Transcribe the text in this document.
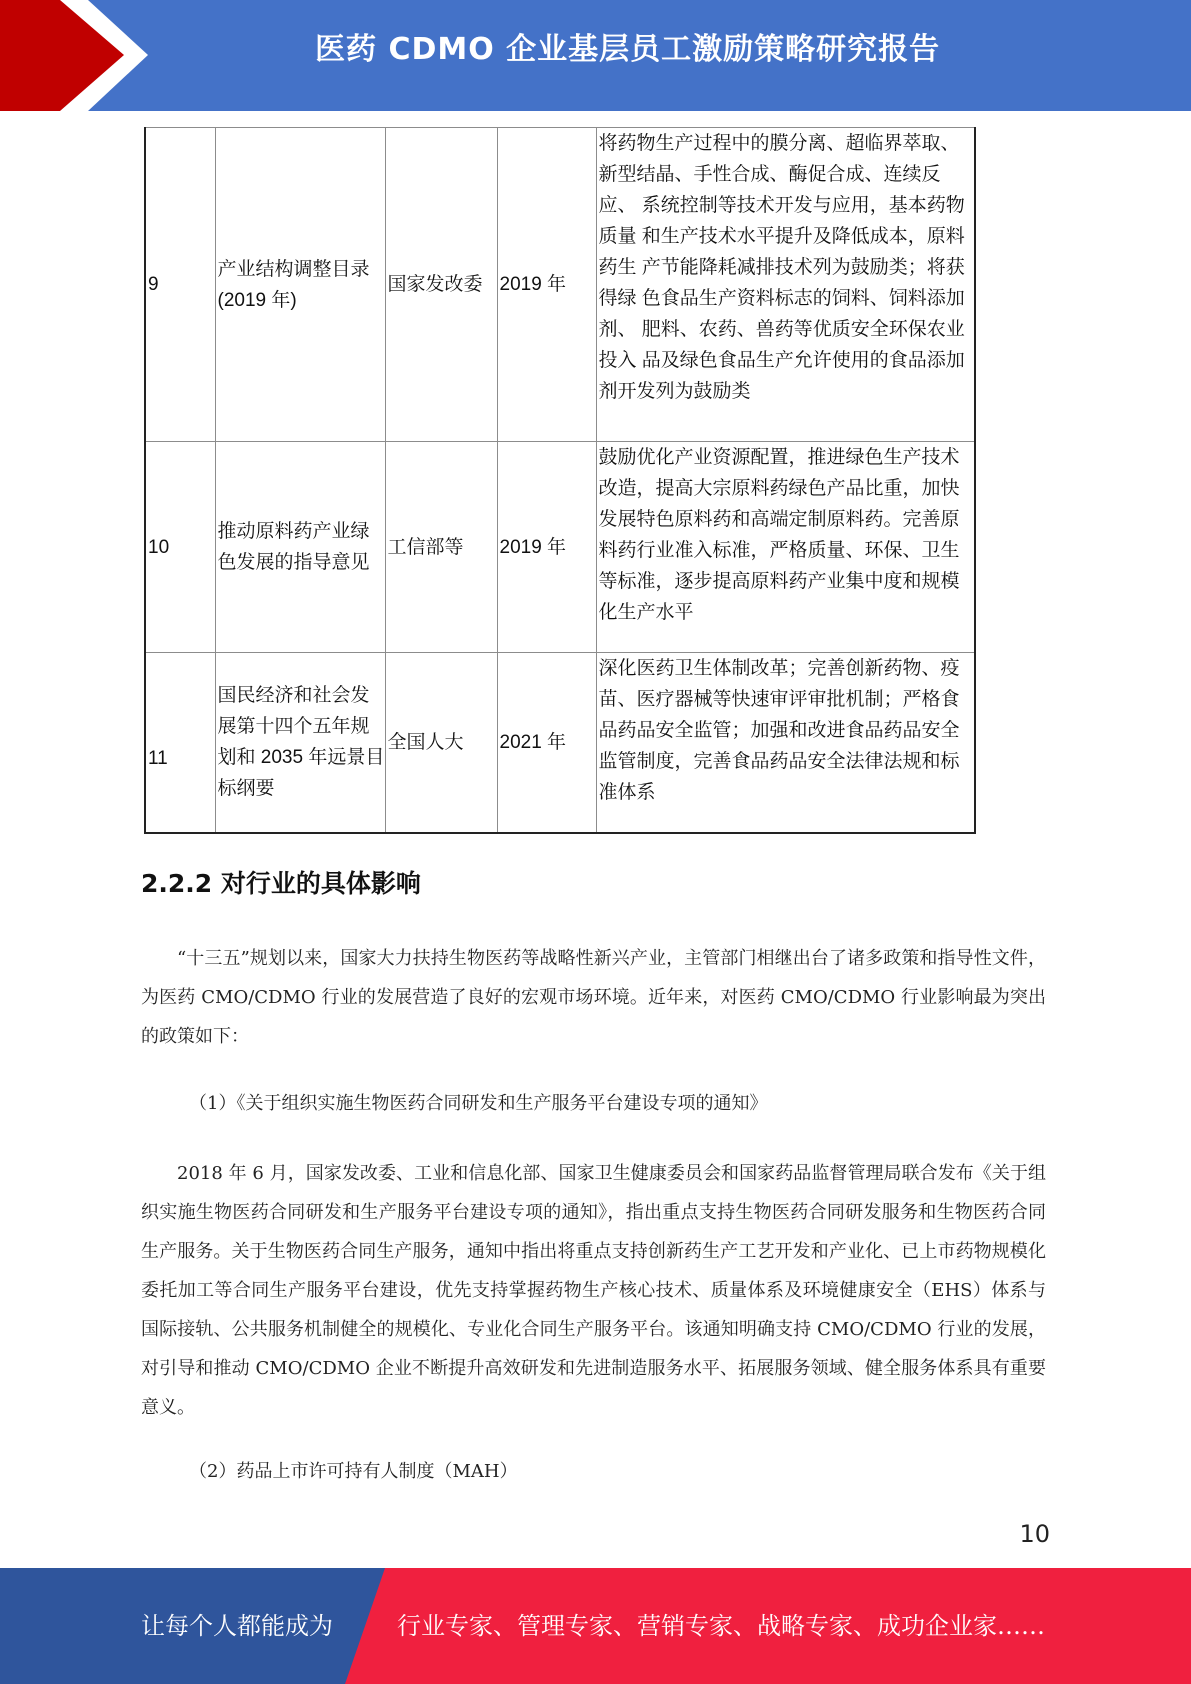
医药 CDMO 企业基层员工激励策略研究报告
9	产业结构调整目录(2019 年)	国家发改委	2019 年	将药物生产过程中的膜分离、超临界萃取、 新型结晶、手性合成、酶促合成、连续反应、 系统控制等技术开发与应用，基本药物质量 和生产技术水平提升及降低成本，原料药生 产节能降耗减排技术列为鼓励类；将获得绿 色食品生产资料标志的饲料、饲料添加剂、 肥料、农药、兽药等优质安全环保农业投入 品及绿色食品生产允许使用的食品添加剂开发列为鼓励类
10	推动原料药产业绿色发展的指导意见	工信部等	2019 年	鼓励优化产业资源配置，推进绿色生产技术 改造，提高大宗原料药绿色产品比重，加快 发展特色原料药和高端定制原料药。完善原 料药行业准入标准，严格质量、环保、卫生 等标准，逐步提高原料药产业集中度和规模 化生产水平
11	国民经济和社会发展第十四个五年规划和 2035 年远景目 标纲要	全国人大	2021 年	深化医药卫生体制改革；完善创新药物、疫 苗、医疗器械等快速审评审批机制；严格食 品药品安全监管；加强和改进食品药品安全 监管制度，完善食品药品安全法律法规和标 准体系
2.2.2 对行业的具体影响

“十三五”规划以来，国家大力扶持生物医药等战略性新兴产业，主管部门相继出台了诸多政策和指导性文件，为医药 CMO/CDMO 行业的发展营造了良好的宏观市场环境。近年来，对医药 CMO/CDMO 行业影响最为突出的政策如下：

（1）《关于组织实施生物医药合同研发和生产服务平台建设专项的通知》

2018 年 6 月，国家发改委、工业和信息化部、国家卫生健康委员会和国家药品监督管理局联合发布《关于组织实施生物医药合同研发和生产服务平台建设专项的通知》，指出重点支持生物医药合同研发服务和生物医药合同生产服务。关于生物医药合同生产服务，通知中指出将重点支持创新药生产工艺开发和产业化、已上市药物规模化委托加工等合同生产服务平台建设，优先支持掌握药物生产核心技术、质量体系及环境健康安全（EHS）体系与国际接轨、公共服务机制健全的规模化、专业化合同生产服务平台。该通知明确支持 CMO/CDMO 行业的发展，对引导和推动 CMO/CDMO 企业不断提升高效研发和先进制造服务水平、拓展服务领域、健全服务体系具有重要意义。

（2）药品上市许可持有人制度（MAH）

10
让每个人都能成为	行业专家、管理专家、营销专家、战略专家、成功企业家……
